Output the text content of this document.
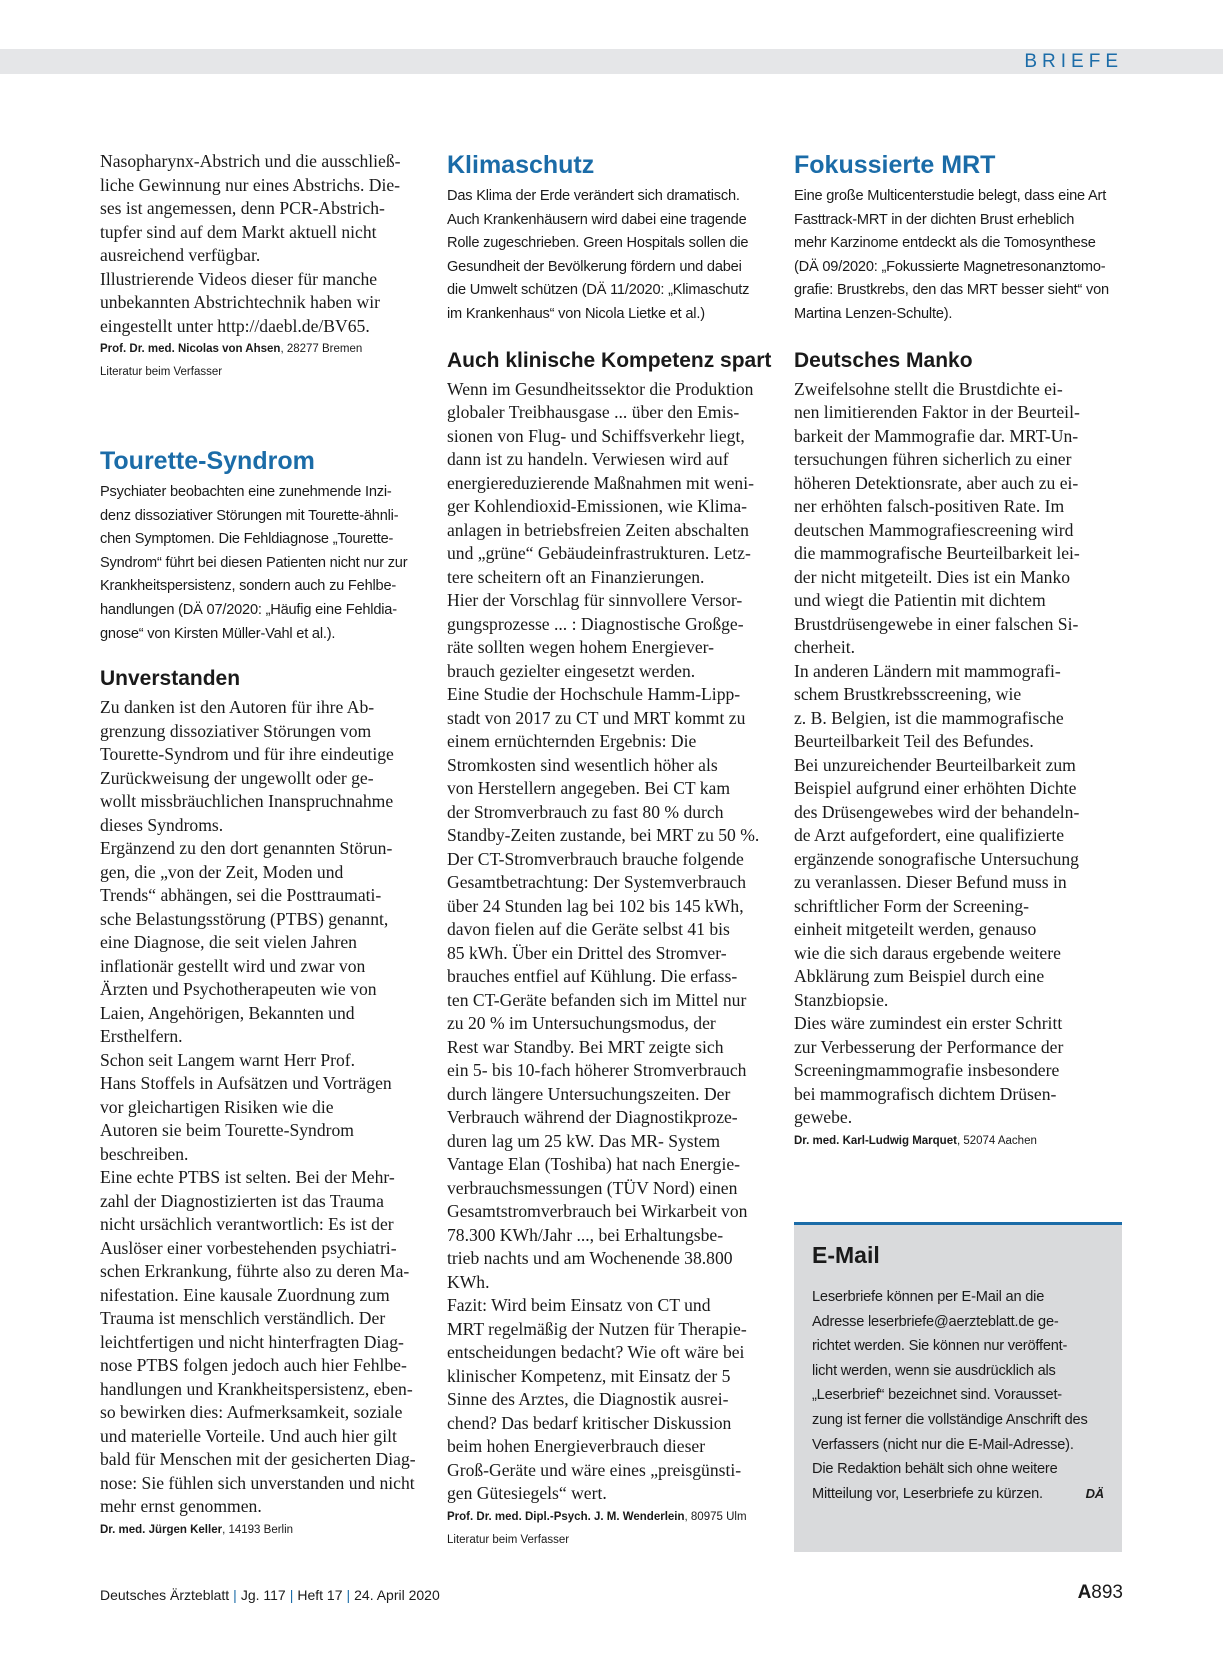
BRIEFE
Nasopharynx-Abstrich und die ausschließ-
liche Gewinnung nur eines Abstrichs. Die-
ses ist angemessen, denn PCR-Abstrich-
tupfer sind auf dem Markt aktuell nicht
ausreichend verfügbar.
Illustrierende Videos dieser für manche
unbekannten Abstrichtechnik haben wir
eingestellt unter http://daebl.de/BV65.

Prof. Dr. med. Nicolas von Ahsen, 28277 Bremen

Literatur beim Verfasser

Tourette-Syndrom
Psychiater beobachten eine zunehmende Inzi-
denz dissoziativer Störungen mit Tourette-ähnli-
chen Symptomen. Die Fehldiagnose „Tourette-
Syndrom“ führt bei diesen Patienten nicht nur zur
Krankheitspersistenz, sondern auch zu Fehlbe-
handlungen (DÄ 07/2020: „Häufig eine Fehldia-
gnose“ von Kirsten Müller-Vahl et al.).
Unverstanden
Zu danken ist den Autoren für ihre Ab-
grenzung dissoziativer Störungen vom
Tourette-Syndrom und für ihre eindeutige
Zurückweisung der ungewollt oder ge-
wollt missbräuchlichen Inanspruchnahme
dieses Syndroms.
Ergänzend zu den dort genannten Störun-
gen, die „von der Zeit, Moden und
Trends“ abhängen, sei die Posttraumati-
sche Belastungsstörung (PTBS) genannt,
eine Diagnose, die seit vielen Jahren
inflationär gestellt wird und zwar von
Ärzten und Psychotherapeuten wie von
Laien, Angehörigen, Bekannten und
Ersthelfern.
Schon seit Langem warnt Herr Prof.
Hans Stoffels in Aufsätzen und Vorträgen
vor gleichartigen Risiken wie die
Autoren sie beim Tourette-Syndrom
beschreiben.
Eine echte PTBS ist selten. Bei der Mehr-
zahl der Diagnostizierten ist das Trauma
nicht ursächlich verantwortlich: Es ist der
Auslöser einer vorbestehenden psychiatri-
schen Erkrankung, führte also zu deren Ma-
nifestation. Eine kausale Zuordnung zum
Trauma ist menschlich verständlich. Der
leichtfertigen und nicht hinterfragten Diag-
nose PTBS folgen jedoch auch hier Fehlbe-
handlungen und Krankheitspersistenz, eben-
so bewirken dies: Aufmerksamkeit, soziale
und materielle Vorteile. Und auch hier gilt
bald für Menschen mit der gesicherten Diag-
nose: Sie fühlen sich unverstanden und nicht
mehr ernst genommen.

Dr. med. Jürgen Keller, 14193 Berlin

Klimaschutz
Das Klima der Erde verändert sich dramatisch.
Auch Krankenhäusern wird dabei eine tragende
Rolle zugeschrieben. Green Hospitals sollen die
Gesundheit der Bevölkerung fördern und dabei
die Umwelt schützen (DÄ 11/2020: „Klimaschutz
im Krankenhaus“ von Nicola Lietke et al.)
Auch klinische Kompetenz spart
Wenn im Gesundheitssektor die Produktion
globaler Treibhausgase ... über den Emis-
sionen von Flug- und Schiffsverkehr liegt,
dann ist zu handeln. Verwiesen wird auf
energiereduzierende Maßnahmen mit weni-
ger Kohlendioxid-Emissionen, wie Klima-
anlagen in betriebsfreien Zeiten abschalten
und „grüne“ Gebäudeinfrastrukturen. Letz-
tere scheitern oft an Finanzierungen.
Hier der Vorschlag für sinnvollere Versor-
gungsprozesse ... : Diagnostische Großge-
räte sollten wegen hohem Energiever-
brauch gezielter eingesetzt werden.
Eine Studie der Hochschule Hamm-Lipp-
stadt von 2017 zu CT und MRT kommt zu
einem ernüchternden Ergebnis: Die
Stromkosten sind wesentlich höher als
von Herstellern angegeben. Bei CT kam
der Stromverbrauch zu fast 80 % durch
Standby-Zeiten zustande, bei MRT zu 50 %.
Der CT-Stromverbrauch brauche folgende
Gesamtbetrachtung: Der Systemverbrauch
über 24 Stunden lag bei 102 bis 145 kWh,
davon fielen auf die Geräte selbst 41 bis
85 kWh. Über ein Drittel des Stromver-
brauches entfiel auf Kühlung. Die erfass-
ten CT-Geräte befanden sich im Mittel nur
zu 20 % im Untersuchungsmodus, der
Rest war Standby. Bei MRT zeigte sich
ein 5- bis 10-fach höherer Stromverbrauch
durch längere Untersuchungszeiten. Der
Verbrauch während der Diagnostikproze-
duren lag um 25 kW. Das MR- System
Vantage Elan (Toshiba) hat nach Energie-
verbrauchsmessungen (TÜV Nord) einen
Gesamtstromverbrauch bei Wirkarbeit von
78.300 KWh/Jahr ..., bei Erhaltungsbe-
trieb nachts und am Wochenende 38.800
KWh.
Fazit: Wird beim Einsatz von CT und
MRT regelmäßig der Nutzen für Therapie-
entscheidungen bedacht? Wie oft wäre bei
klinischer Kompetenz, mit Einsatz der 5
Sinne des Arztes, die Diagnostik ausrei-
chend? Das bedarf kritischer Diskussion
beim hohen Energieverbrauch dieser
Groß-Geräte und wäre eines „preisgünsti-
gen Gütesiegels“ wert.

Prof. Dr. med. Dipl.-Psych. J. M. Wenderlein, 80975 Ulm

Literatur beim Verfasser

Fokussierte MRT
Eine große Multicenterstudie belegt, dass eine Art
Fasttrack-MRT in der dichten Brust erheblich
mehr Karzinome entdeckt als die Tomosynthese
(DÄ 09/2020: „Fokussierte Magnetresonanztomo-
grafie: Brustkrebs, den das MRT besser sieht“ von
Martina Lenzen-Schulte).
Deutsches Manko
Zweifelsohne stellt die Brustdichte ei-
nen limitierenden Faktor in der Beurteil-
barkeit der Mammografie dar. MRT-Un-
tersuchungen führen sicherlich zu einer
höheren Detektionsrate, aber auch zu ei-
ner erhöhten falsch-positiven Rate. Im
deutschen Mammografiescreening wird
die mammografische Beurteilbarkeit lei-
der nicht mitgeteilt. Dies ist ein Manko
und wiegt die Patientin mit dichtem
Brustdrüsengewebe in einer falschen Si-
cherheit.
In anderen Ländern mit mammografi-
schem Brustkrebsscreening, wie
z. B. Belgien, ist die mammografische
Beurteilbarkeit Teil des Befundes.
Bei unzureichender Beurteilbarkeit zum
Beispiel aufgrund einer erhöhten Dichte
des Drüsengewebes wird der behandeln-
de Arzt aufgefordert, eine qualifizierte
ergänzende sonografische Untersuchung
zu veranlassen. Dieser Befund muss in
schriftlicher Form der Screening-
einheit mitgeteilt werden, genauso
wie die sich daraus ergebende weitere
Abklärung zum Beispiel durch eine
Stanzbiopsie.
Dies wäre zumindest ein erster Schritt
zur Verbesserung der Performance der
Screeningmammografie insbesondere
bei mammografisch dichtem Drüsen-
gewebe.

Dr. med. Karl-Ludwig Marquet, 52074 Aachen

E-Mail
Leserbriefe können per E-Mail an die
Adresse leserbriefe@aerzteblatt.de ge-
richtet werden. Sie können nur veröffent-
licht werden, wenn sie ausdrücklich als
„Leserbrief“ bezeichnet sind. Vorausset-
zung ist ferner die vollständige Anschrift des
Verfassers (nicht nur die E-Mail-Adresse).
Die Redaktion behält sich ohne weitere
Mitteilung vor, Leserbriefe zu kürzen.	DÄ
Deutsches Ärzteblatt | Jg. 117 | Heft 17 | 24. April 2020	A893
